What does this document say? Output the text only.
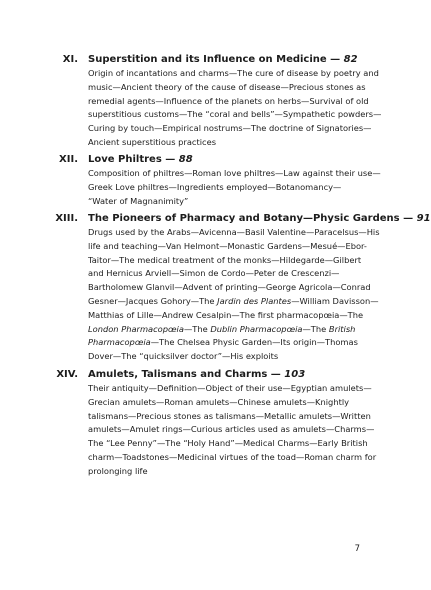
XI. Superstition and its Influence on Medicine — 82
Origin of incantations and charms—The cure of disease by poetry and
music—Ancient theory of the cause of disease—Precious stones as
remedial agents—Influence of the planets on herbs—Survival of old
superstitious customs—The “coral and bells”—Sympathetic powders—
Curing by touch—Empirical nostrums—The doctrine of Signatories—
Ancient superstitious practices
XII. Love Philtres — 88
Composition of philtres—Roman love philtres—Law against their use—
Greek Love philtres—Ingredients employed—Botanomancy—
“Water of Magnanimity”
XIII. The Pioneers of Pharmacy and Botany—Physic Gardens — 91
Drugs used by the Arabs—Avicenna—Basil Valentine—Paracelsus—His
life and teaching—Van Helmont—Monastic Gardens—Mesué—Ebor-
Taitor—The medical treatment of the monks—Hildegarde—Gilbert
and Hernicus Arviell—Simon de Cordo—Peter de Crescenzi—
Bartholomew Glanvil—Advent of printing—George Agricola—Conrad
Gesner—Jacques Gohory—The Jardin des Plantes—William Davisson—
Matthias of Lille—Andrew Cesalpin—The first pharmacopœia—The
London Pharmacopœia—The Dublin Pharmacopœia—The British
Pharmacopœia—The Chelsea Physic Garden—Its origin—Thomas
Dover—The “quicksilver doctor”—His exploits
XIV. Amulets, Talismans and Charms — 103
Their antiquity—Definition—Object of their use—Egyptian amulets—
Grecian amulets—Roman amulets—Chinese amulets—Knightly
talismans—Precious stones as talismans—Metallic amulets—Written
amulets—Amulet rings—Curious articles used as amulets—Charms—
The “Lee Penny”—The “Holy Hand”—Medical Charms—Early British
charm—Toadstones—Medicinal virtues of the toad—Roman charm for
prolonging life
7
